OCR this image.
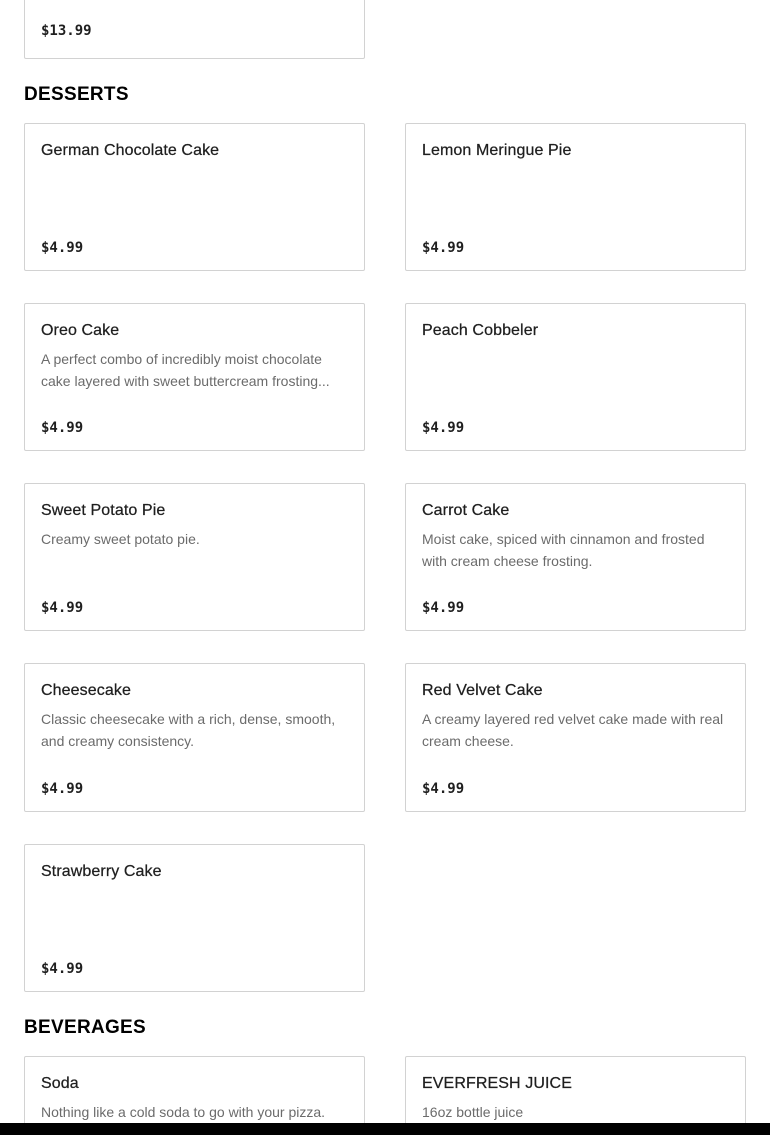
$13.99
DESSERTS
German Chocolate Cake
$4.99
Lemon Meringue Pie
$4.99
Oreo Cake
A perfect combo of incredibly moist chocolate cake layered with sweet buttercream frosting...
$4.99
Peach Cobbeler
$4.99
Sweet Potato Pie
Creamy sweet potato pie.
$4.99
Carrot Cake
Moist cake, spiced with cinnamon and frosted with cream cheese frosting.
$4.99
Cheesecake
Classic cheesecake with a rich, dense, smooth, and creamy consistency.
$4.99
Red Velvet Cake
A creamy layered red velvet cake made with real cream cheese.
$4.99
Strawberry Cake
$4.99
BEVERAGES
Soda
Nothing like a cold soda to go with your pizza.
EVERFRESH JUICE
16oz bottle juice
